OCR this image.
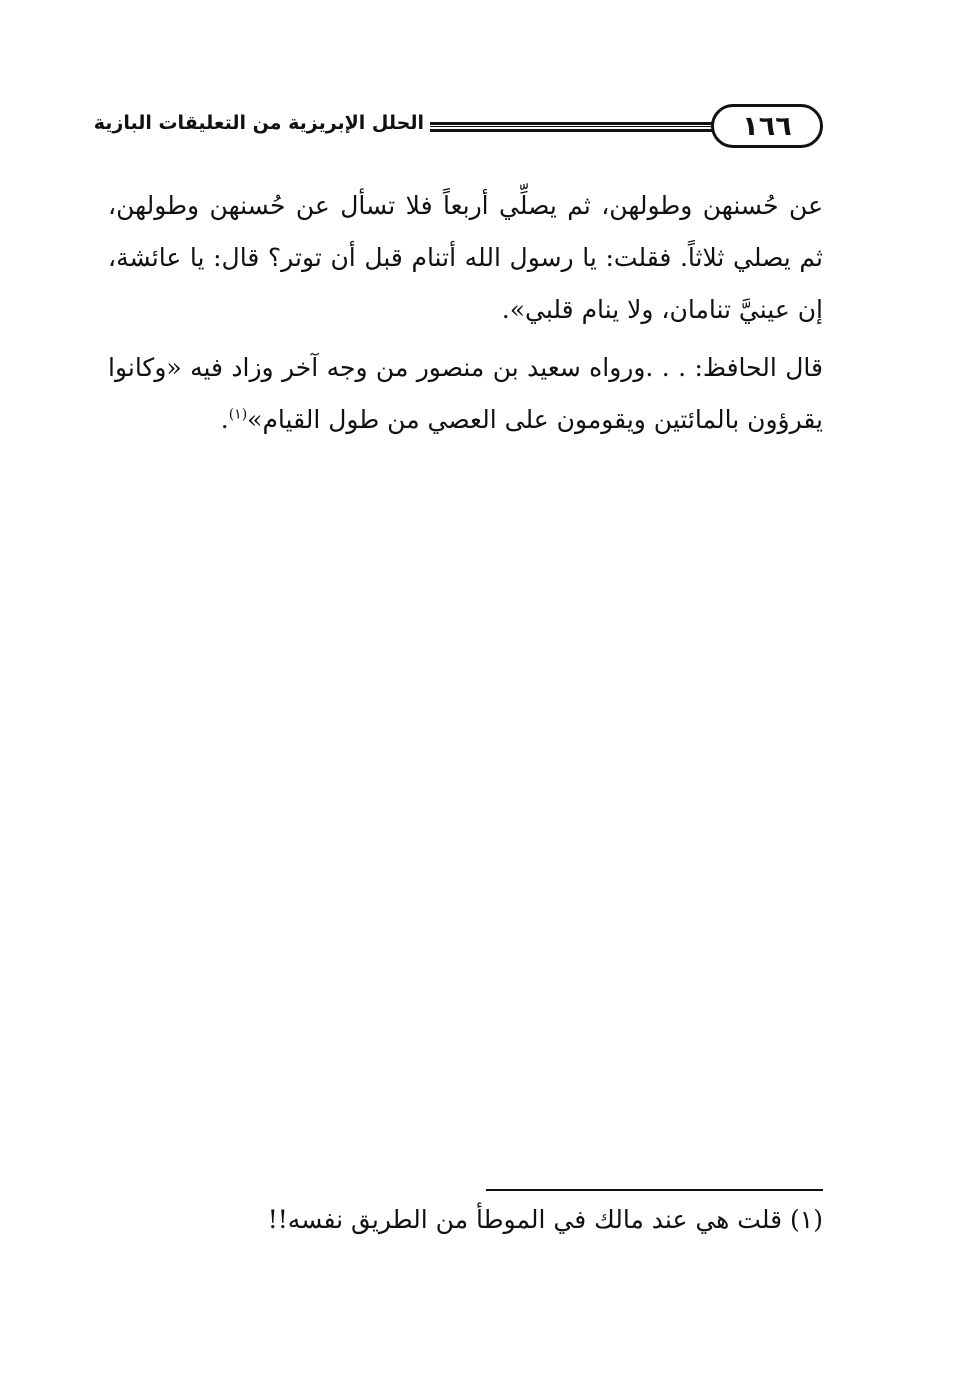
١٦٦
الحلل الإبريزية من التعليقات البازية

عن حُسنهن وطولهن، ثم يصلِّي أربعاً فلا تسأل عن حُسنهن وطولهن، ثم يصلي ثلاثاً. فقلت: يا رسول الله أتنام قبل أن توتر؟ قال: يا عائشة، إن عينيَّ تنامان، ولا ينام قلبي».

قال الحافظ: . . .ورواه سعيد بن منصور من وجه آخر وزاد فيه «وكانوا يقرؤون بالمائتين ويقومون على العصي من طول القيام»$^{(١)}$.

(١) قلت هي عند مالك في الموطأ من الطريق نفسه!!
